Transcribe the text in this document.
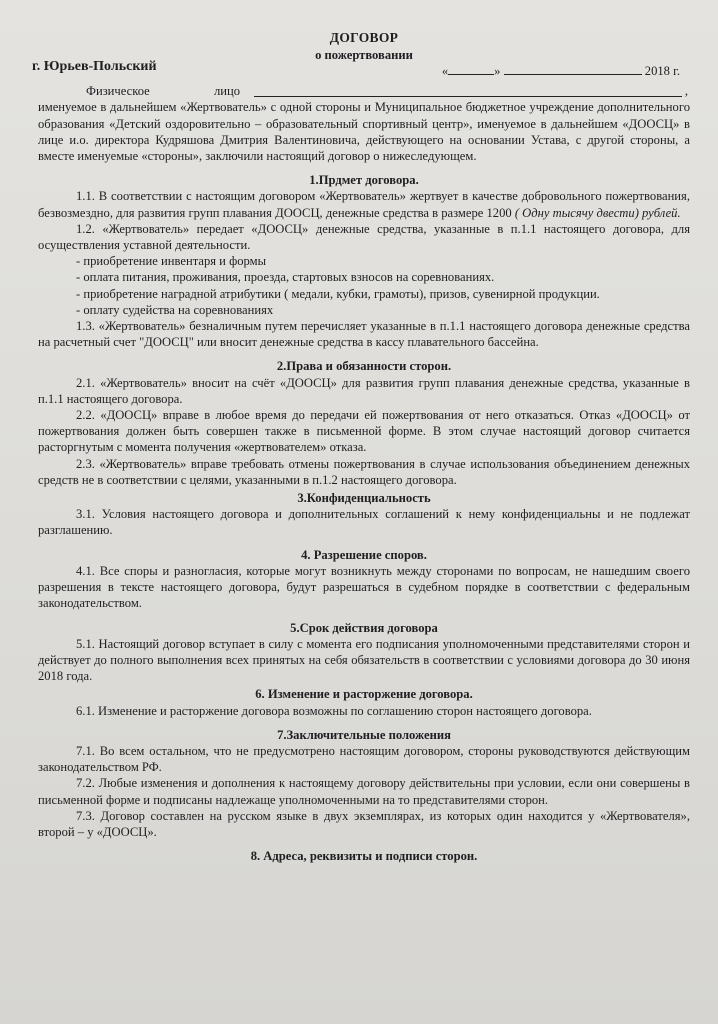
ДОГОВОР
о пожертвовании
г. Юрьев-Польский	«	»	2018 г.
Физическое	лицо	,

именуемое в дальнейшем «Жертвователь» с одной стороны и Муниципальное бюджетное учреждение дополнительного образования «Детский оздоровительно – образовательный спортивный центр», именуемое в дальнейшем «ДООСЦ» в лице и.о. директора Кудряшова Дмитрия Валентиновича, действующего на основании Устава, с другой стороны, а вместе именуемые «стороны», заключили настоящий договор о нижеследующем.

1.Прдмет договора.

1.1. В соответствии с настоящим договором «Жертвователь» жертвует в качестве добровольного пожертвования, безвозмездно, для развития групп плавания ДООСЦ, денежные средства в размере 1200 ( Одну тысячу двести) рублей.

1.2. «Жертвователь» передает «ДООСЦ» денежные средства, указанные в п.1.1 настоящего договора, для осуществления уставной деятельности.

- приобретение инвентаря и формы

- оплата питания, проживания, проезда, стартовых взносов на соревнованиях.

- приобретение наградной атрибутики ( медали, кубки, грамоты), призов, сувенирной продукции.

- оплату судейства на соревнованиях

1.3. «Жертвователь» безналичным путем перечисляет указанные в п.1.1 настоящего договора денежные средства на расчетный счет "ДООСЦ" или вносит денежные средства в кассу плавательного бассейна.

2.Права и обязанности сторон.

2.1. «Жертвователь» вносит на счёт «ДООСЦ» для развития групп плавания денежные средства, указанные в п.1.1 настоящего договора.

2.2. «ДООСЦ» вправе в любое время до передачи ей пожертвования от него отказаться. Отказ «ДООСЦ» от пожертвования должен быть совершен также в письменной форме. В этом случае настоящий договор считается расторгнутым с момента получения «жертвователем» отказа.

2.3. «Жертвователь» вправе требовать отмены пожертвования в случае использования объединением денежных средств не в соответствии с целями, указанными в п.1.2 настоящего договора.

3.Конфиденциальность

3.1. Условия настоящего договора и дополнительных соглашений к нему конфиденциальны и не подлежат разглашению.

4. Разрешение споров.

4.1. Все споры и разногласия, которые могут возникнуть между сторонами по вопросам, не нашедшим своего разрешения в тексте настоящего договора, будут разрешаться в судебном порядке в соответствии с федеральным законодательством.

5.Срок действия договора

5.1. Настоящий договор вступает в силу с момента его подписания уполномоченными представителями сторон и действует до полного выполнения всех принятых на себя обязательств в соответствии с условиями договора до 30 июня 2018 года.

6. Изменение и расторжение договора.

6.1. Изменение и расторжение договора возможны по соглашению сторон настоящего договора.

7.Заключительные положения

7.1. Во всем остальном, что не предусмотрено настоящим договором, стороны руководствуются действующим законодательством РФ.

7.2. Любые изменения и дополнения к настоящему договору действительны при условии, если они совершены в письменной форме и подписаны надлежаще уполномоченными на то представителями сторон.

7.3. Договор составлен на русском языке в двух экземплярах, из которых один находится у «Жертвователя», второй – у «ДООСЦ».

8. Адреса, реквизиты и подписи сторон.
